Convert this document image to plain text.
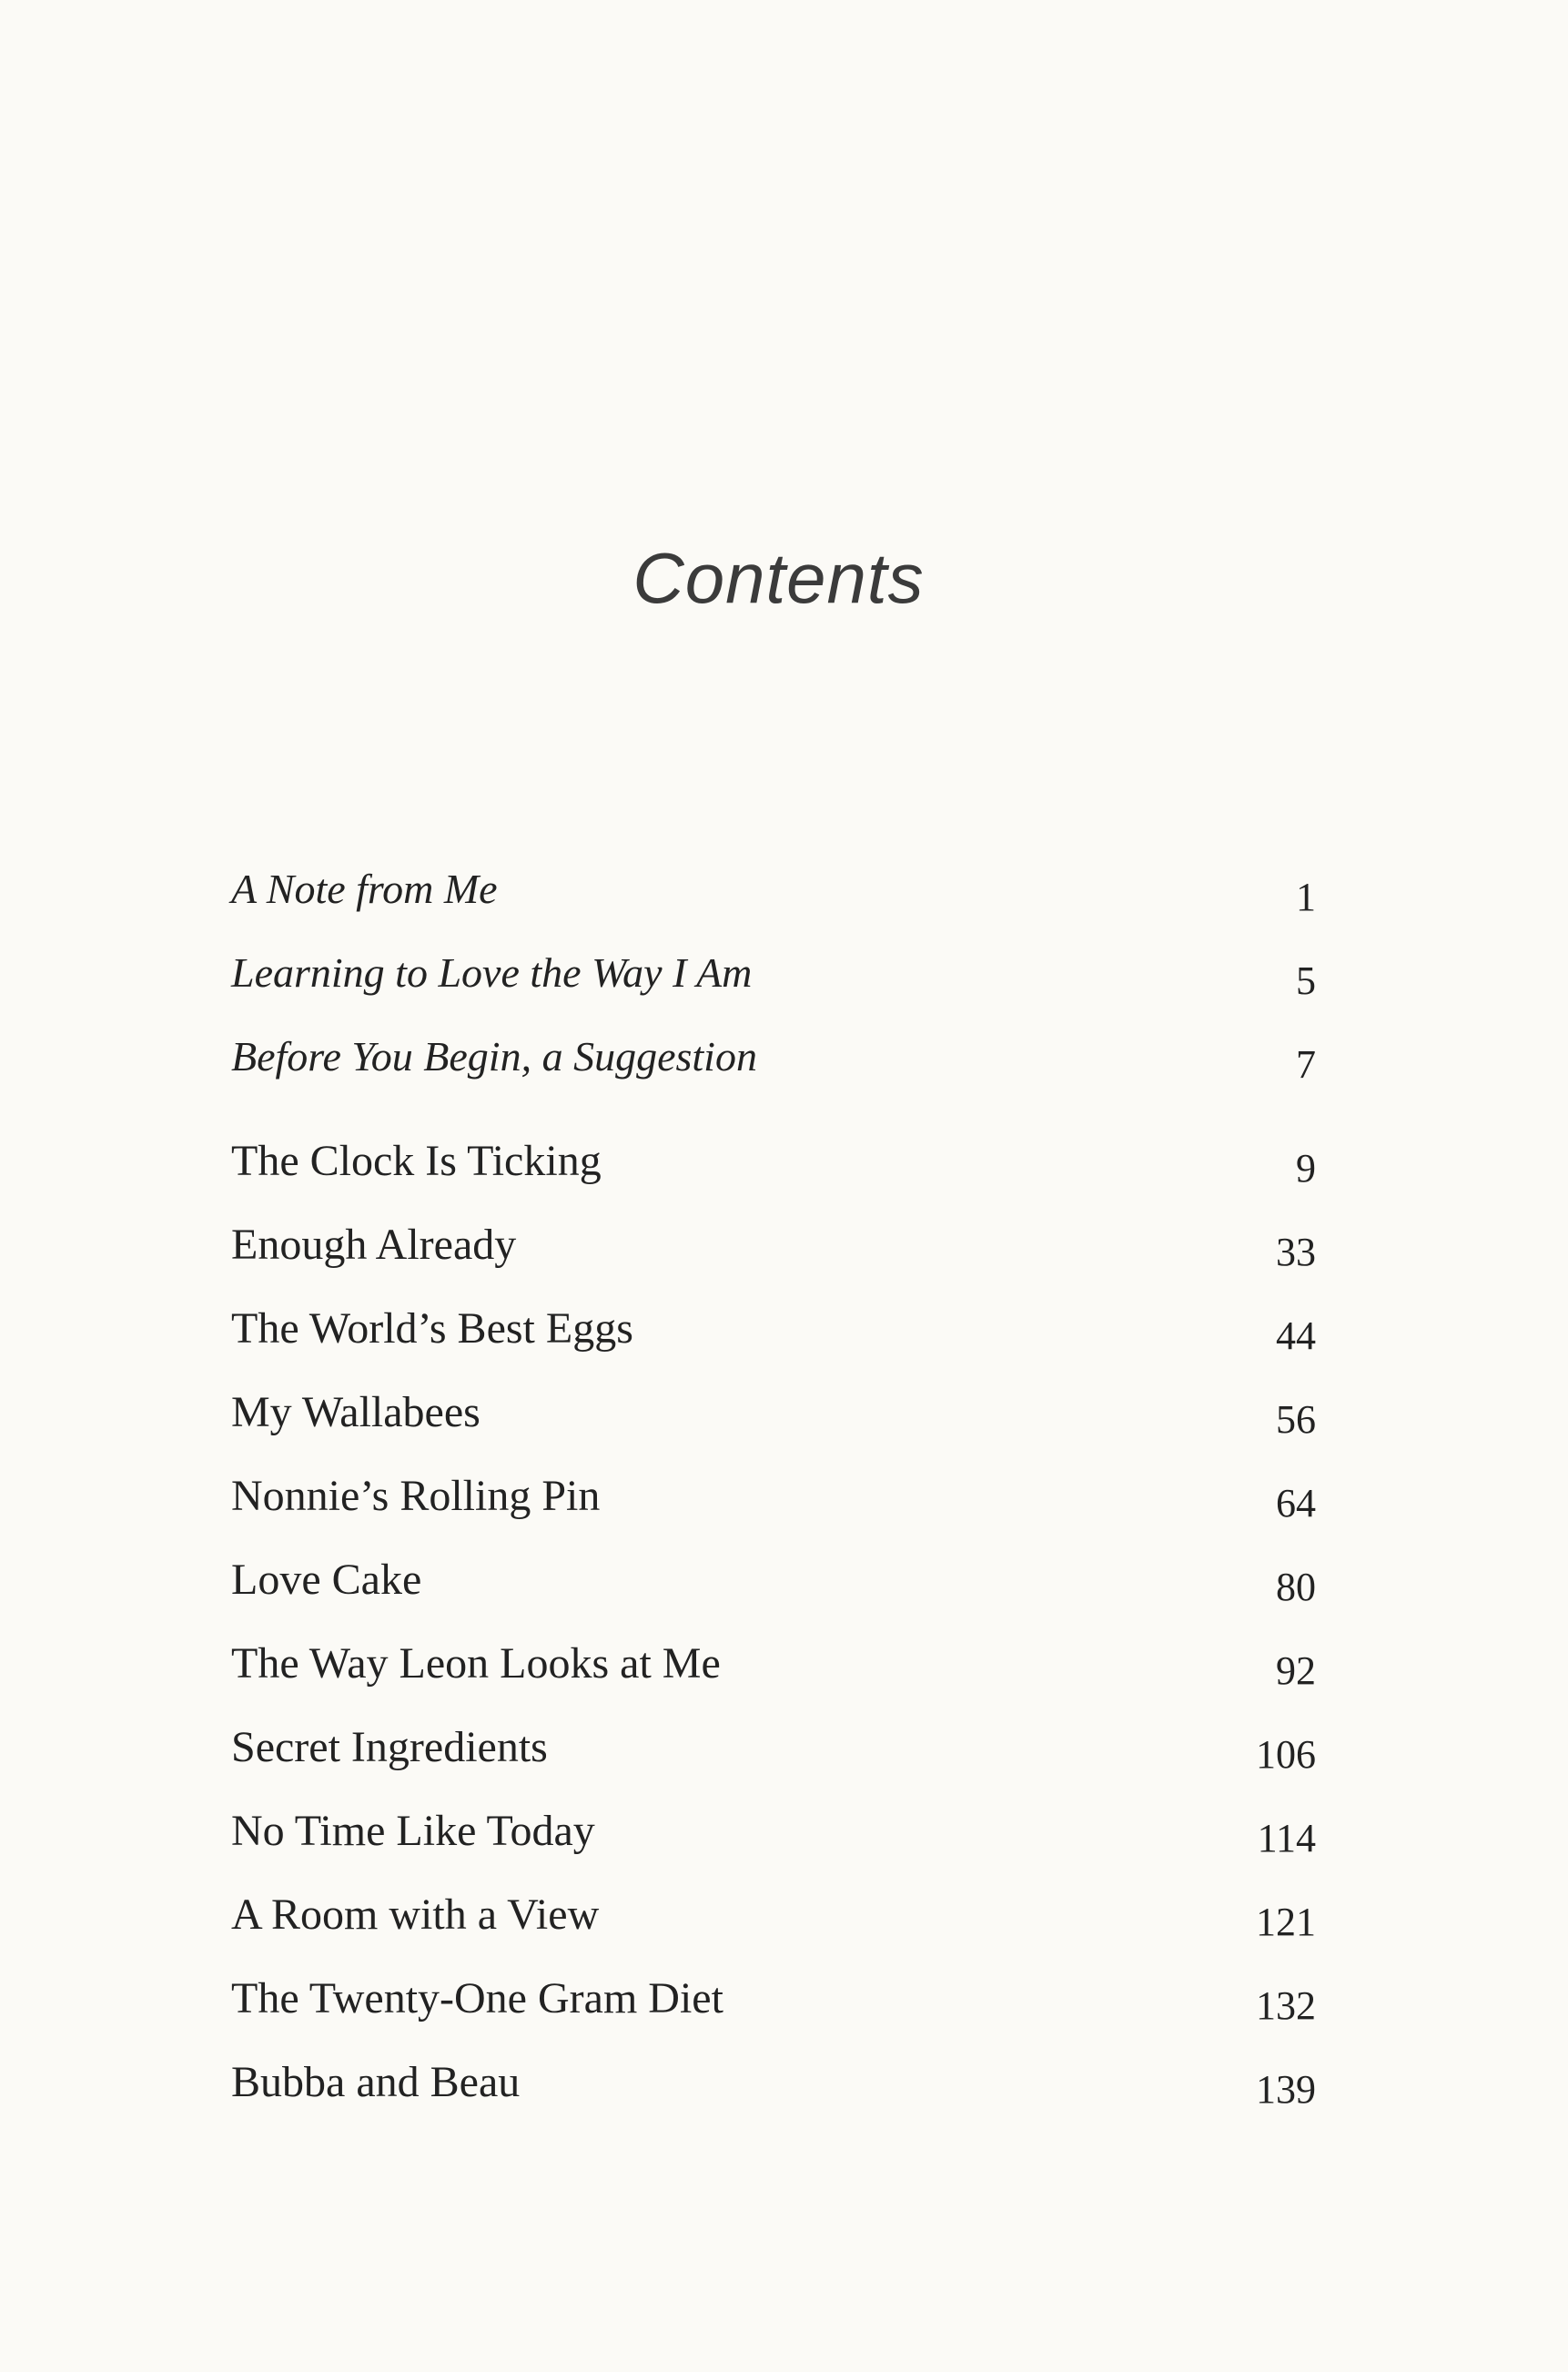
Contents
A Note from Me	1
Learning to Love the Way I Am	5
Before You Begin, a Suggestion	7
The Clock Is Ticking	9
Enough Already	33
The World’s Best Eggs	44
My Wallabees	56
Nonnie’s Rolling Pin	64
Love Cake	80
The Way Leon Looks at Me	92
Secret Ingredients	106
No Time Like Today	114
A Room with a View	121
The Twenty-One Gram Diet	132
Bubba and Beau	139
